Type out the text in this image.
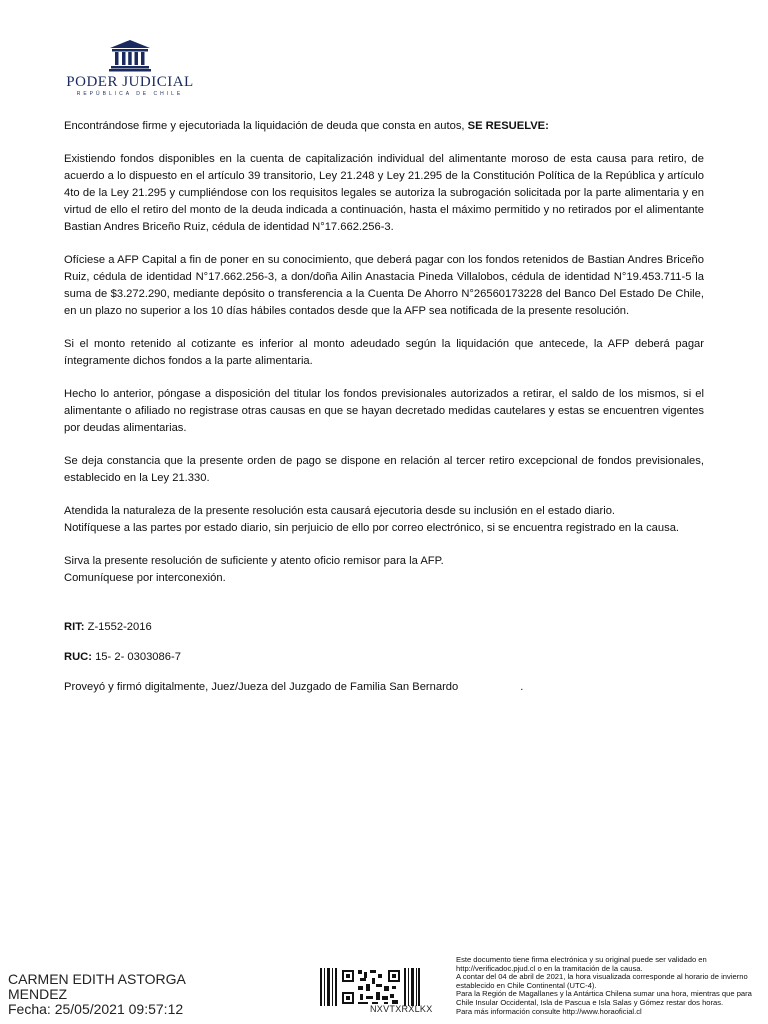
PODER JUDICIAL
REPÚBLICA DE CHILE

Encontrándose firme y ejecutoriada la liquidación de deuda que consta en autos, SE RESUELVE:

Existiendo fondos disponibles en la cuenta de capitalización individual del alimentante moroso de esta causa para retiro, de acuerdo a lo dispuesto en el artículo 39 transitorio, Ley 21.248 y Ley 21.295 de la Constitución Política de la República y artículo 4to de la Ley 21.295 y cumpliéndose con los requisitos legales se autoriza la subrogación solicitada por la parte alimentaria y en virtud de ello el retiro del monto de la deuda indicada a continuación, hasta el máximo permitido y no retirados por el alimentante Bastian Andres Briceño Ruiz, cédula de identidad N°17.662.256-3.

Ofíciese a AFP Capital a fin de poner en su conocimiento, que deberá pagar con los fondos retenidos de Bastian Andres Briceño Ruiz, cédula de identidad N°17.662.256-3, a don/doña Ailin Anastacia Pineda Villalobos, cédula de identidad N°19.453.711-5 la suma de $3.272.290, mediante depósito o transferencia a la Cuenta De Ahorro N°26560173228 del Banco Del Estado De Chile, en un plazo no superior a los 10 días hábiles contados desde que la AFP sea notificada de la presente resolución.

Si el monto retenido al cotizante es inferior al monto adeudado según la liquidación que antecede, la AFP deberá pagar íntegramente dichos fondos a la parte alimentaria.

Hecho lo anterior, póngase a disposición del titular los fondos previsionales autorizados a retirar, el saldo de los mismos, si el alimentante o afiliado no registrase otras causas en que se hayan decretado medidas cautelares y estas se encuentren vigentes por deudas alimentarias.

Se deja constancia que la presente orden de pago se dispone en relación al tercer retiro excepcional de fondos previsionales, establecido en la Ley 21.330.

Atendida la naturaleza de la presente resolución esta causará ejecutoria desde su inclusión en el estado diario.

Notifíquese a las partes por estado diario, sin perjuicio de ello por correo electrónico, si se encuentra registrado en la causa.

Sirva la presente resolución de suficiente y atento oficio remisor para la AFP.

Comuníquese por interconexión.

RIT: Z-1552-2016

RUC: 15- 2- 0303086-7

Proveyó y firmó digitalmente, Juez/Jueza del Juzgado de Familia San Bernardo	.

CARMEN EDITH ASTORGA
MENDEZ
Fecha: 25/05/2021 09:57:12	NXVTXRXLKX
Este documento tiene firma electrónica y su original puede ser validado en http://verificadoc.pjud.cl o en la tramitación de la causa.
A contar del 04 de abril de 2021, la hora visualizada corresponde al horario de invierno establecido en Chile Continental (UTC-4).
Para la Región de Magallanes y la Antártica Chilena sumar una hora, mientras que para Chile Insular Occidental, Isla de Pascua e Isla Salas y Gómez restar dos horas.
Para más información consulte http://www.horaoficial.cl
